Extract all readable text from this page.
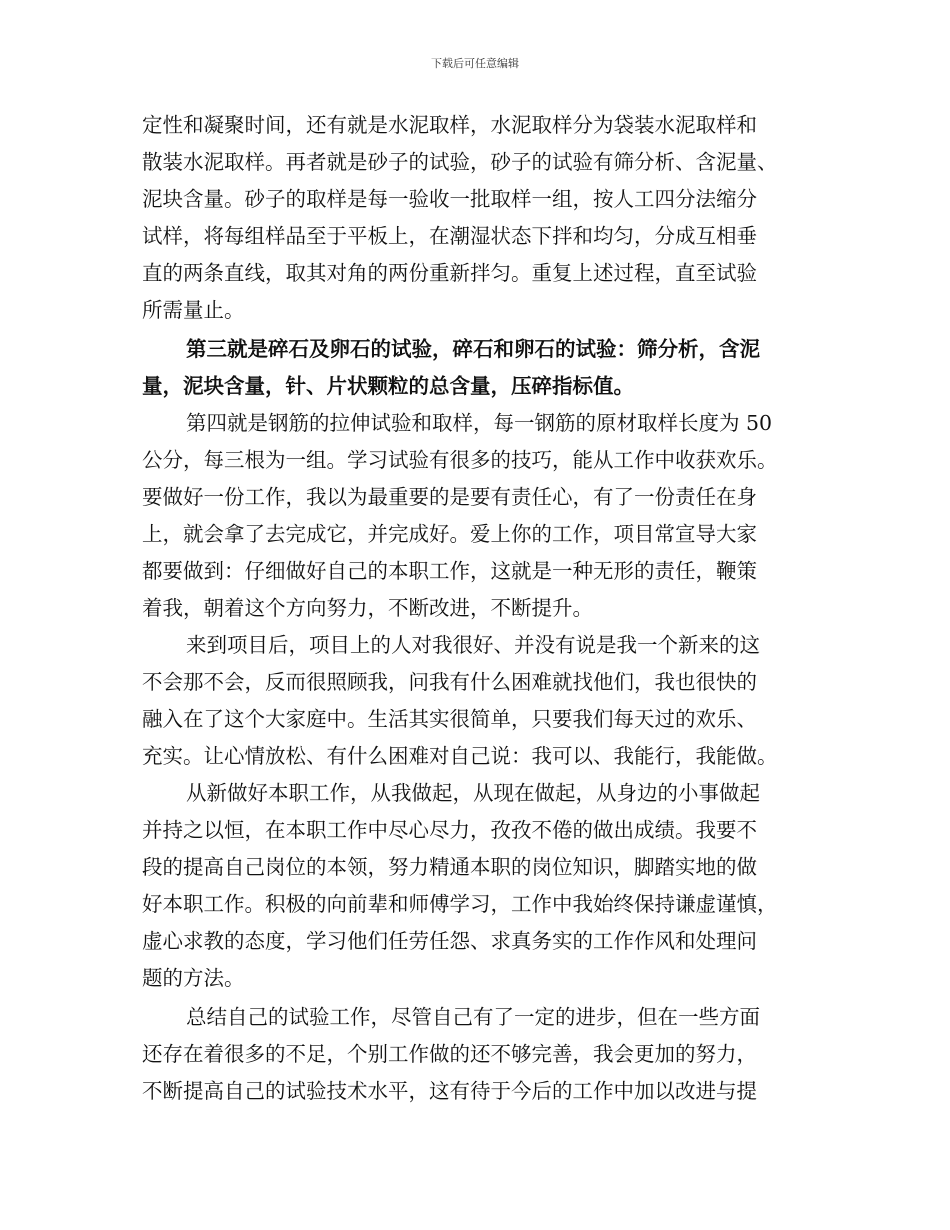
下载后可任意编辑
定性和凝聚时间，还有就是水泥取样，水泥取样分为袋装水泥取样和
散装水泥取样。再者就是砂子的试验，砂子的试验有筛分析、含泥量、
泥块含量。砂子的取样是每一验收一批取样一组，按人工四分法缩分
试样，将每组样品至于平板上，在潮湿状态下拌和均匀，分成互相垂
直的两条直线，取其对角的两份重新拌匀。重复上述过程，直至试验
所需量止。
第三就是碎石及卵石的试验，碎石和卵石的试验：筛分析，含泥
量，泥块含量，针、片状颗粒的总含量，压碎指标值。
第四就是钢筋的拉伸试验和取样，每一钢筋的原材取样长度为 50
公分，每三根为一组。学习试验有很多的技巧，能从工作中收获欢乐。
要做好一份工作，我以为最重要的是要有责任心，有了一份责任在身
上，就会拿了去完成它，并完成好。爱上你的工作，项目常宣导大家
都要做到：仔细做好自己的本职工作，这就是一种无形的责任，鞭策
着我，朝着这个方向努力，不断改进，不断提升。
来到项目后，项目上的人对我很好、并没有说是我一个新来的这
不会那不会，反而很照顾我，问我有什么困难就找他们，我也很快的
融入在了这个大家庭中。生活其实很简单，只要我们每天过的欢乐、
充实。让心情放松、有什么困难对自己说：我可以、我能行，我能做。
从新做好本职工作，从我做起，从现在做起，从身边的小事做起
并持之以恒，在本职工作中尽心尽力，孜孜不倦的做出成绩。我要不
段的提高自己岗位的本领，努力精通本职的岗位知识，脚踏实地的做
好本职工作。积极的向前辈和师傅学习，工作中我始终保持谦虚谨慎，
虚心求教的态度，学习他们任劳任怨、求真务实的工作作风和处理问
题的方法。
总结自己的试验工作，尽管自己有了一定的进步，但在一些方面
还存在着很多的不足，个别工作做的还不够完善，我会更加的努力，
不断提高自己的试验技术水平，这有待于今后的工作中加以改进与提
